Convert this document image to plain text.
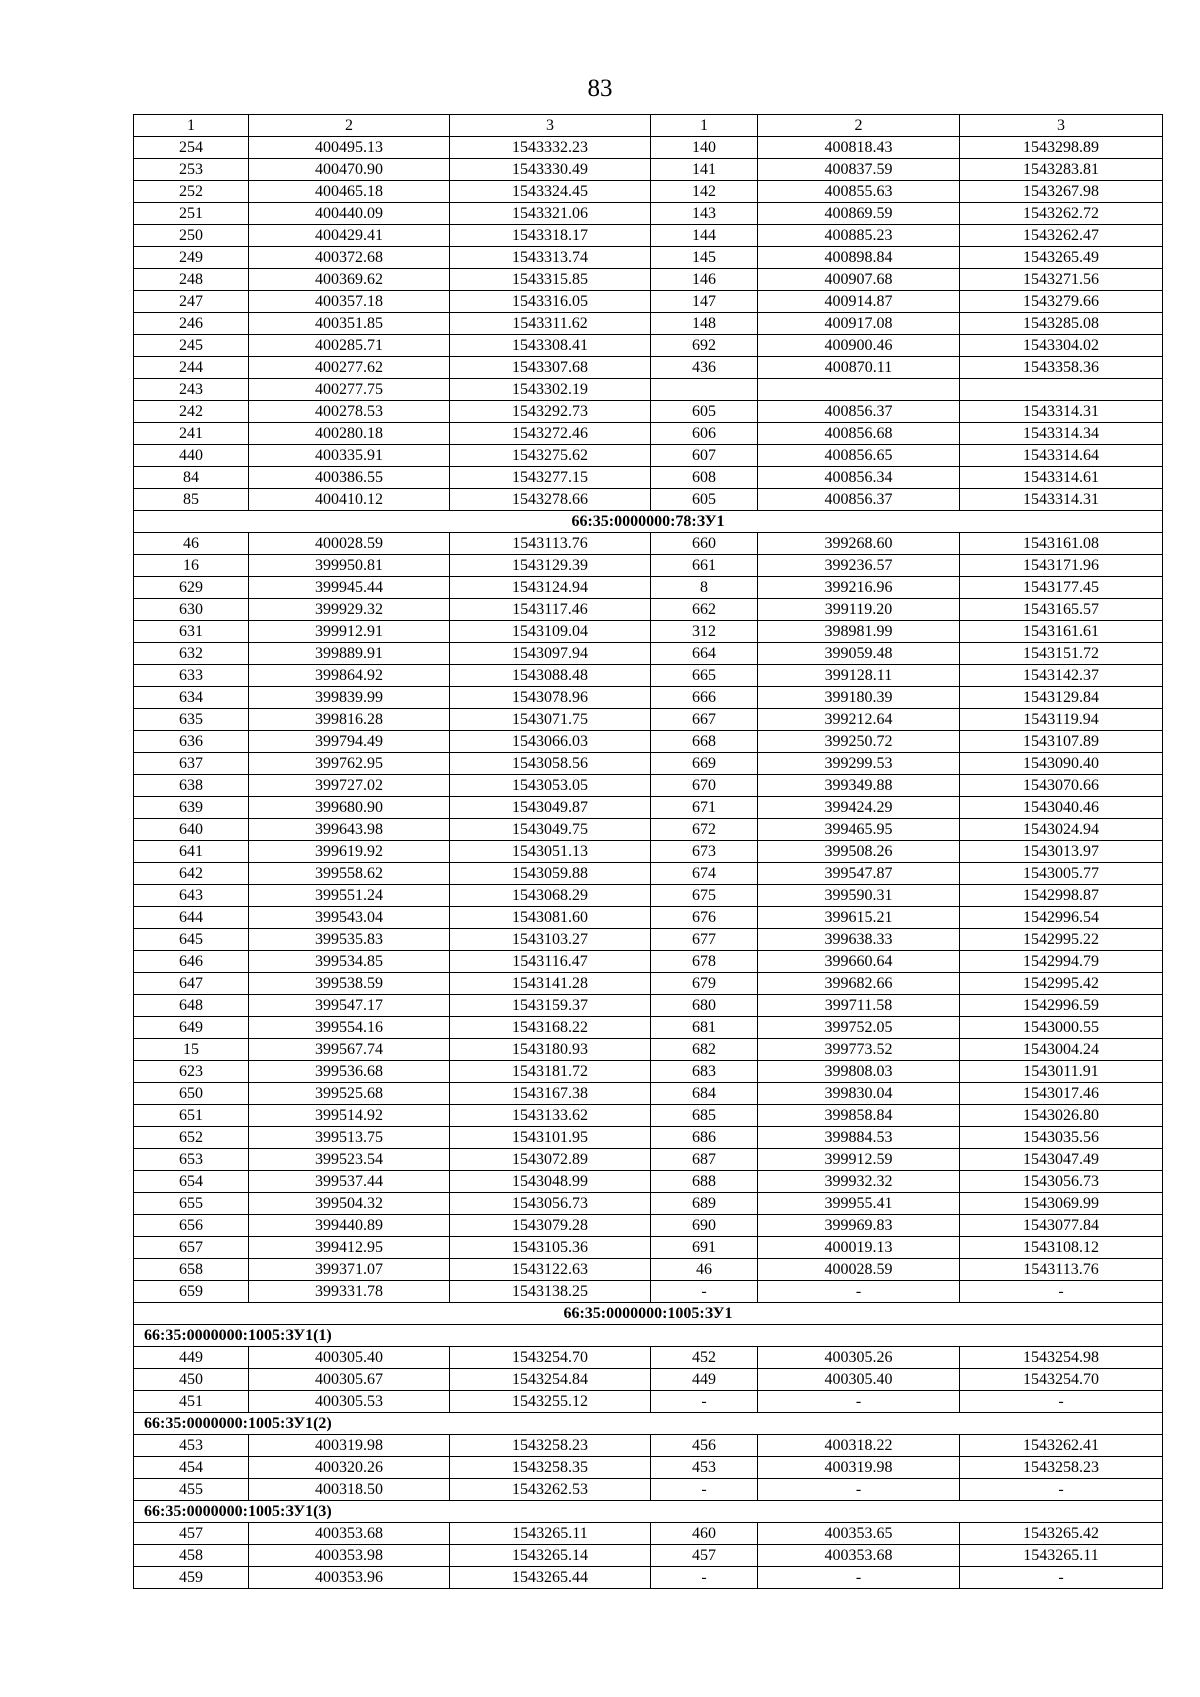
83
1	2	3	1	2	3
254	400495.13	1543332.23	140	400818.43	1543298.89
253	400470.90	1543330.49	141	400837.59	1543283.81
252	400465.18	1543324.45	142	400855.63	1543267.98
251	400440.09	1543321.06	143	400869.59	1543262.72
250	400429.41	1543318.17	144	400885.23	1543262.47
249	400372.68	1543313.74	145	400898.84	1543265.49
248	400369.62	1543315.85	146	400907.68	1543271.56
247	400357.18	1543316.05	147	400914.87	1543279.66
246	400351.85	1543311.62	148	400917.08	1543285.08
245	400285.71	1543308.41	692	400900.46	1543304.02
244	400277.62	1543307.68	436	400870.11	1543358.36
243	400277.75	1543302.19			
242	400278.53	1543292.73	605	400856.37	1543314.31
241	400280.18	1543272.46	606	400856.68	1543314.34
440	400335.91	1543275.62	607	400856.65	1543314.64
84	400386.55	1543277.15	608	400856.34	1543314.61
85	400410.12	1543278.66	605	400856.37	1543314.31
66:35:0000000:78:ЗУ1					
46	400028.59	1543113.76	660	399268.60	1543161.08
16	399950.81	1543129.39	661	399236.57	1543171.96
629	399945.44	1543124.94	8	399216.96	1543177.45
630	399929.32	1543117.46	662	399119.20	1543165.57
631	399912.91	1543109.04	312	398981.99	1543161.61
632	399889.91	1543097.94	664	399059.48	1543151.72
633	399864.92	1543088.48	665	399128.11	1543142.37
634	399839.99	1543078.96	666	399180.39	1543129.84
635	399816.28	1543071.75	667	399212.64	1543119.94
636	399794.49	1543066.03	668	399250.72	1543107.89
637	399762.95	1543058.56	669	399299.53	1543090.40
638	399727.02	1543053.05	670	399349.88	1543070.66
639	399680.90	1543049.87	671	399424.29	1543040.46
640	399643.98	1543049.75	672	399465.95	1543024.94
641	399619.92	1543051.13	673	399508.26	1543013.97
642	399558.62	1543059.88	674	399547.87	1543005.77
643	399551.24	1543068.29	675	399590.31	1542998.87
644	399543.04	1543081.60	676	399615.21	1542996.54
645	399535.83	1543103.27	677	399638.33	1542995.22
646	399534.85	1543116.47	678	399660.64	1542994.79
647	399538.59	1543141.28	679	399682.66	1542995.42
648	399547.17	1543159.37	680	399711.58	1542996.59
649	399554.16	1543168.22	681	399752.05	1543000.55
15	399567.74	1543180.93	682	399773.52	1543004.24
623	399536.68	1543181.72	683	399808.03	1543011.91
650	399525.68	1543167.38	684	399830.04	1543017.46
651	399514.92	1543133.62	685	399858.84	1543026.80
652	399513.75	1543101.95	686	399884.53	1543035.56
653	399523.54	1543072.89	687	399912.59	1543047.49
654	399537.44	1543048.99	688	399932.32	1543056.73
655	399504.32	1543056.73	689	399955.41	1543069.99
656	399440.89	1543079.28	690	399969.83	1543077.84
657	399412.95	1543105.36	691	400019.13	1543108.12
658	399371.07	1543122.63	46	400028.59	1543113.76
659	399331.78	1543138.25	-	-	-
66:35:0000000:1005:ЗУ1					
66:35:0000000:1005:ЗУ1(1)					
449	400305.40	1543254.70	452	400305.26	1543254.98
450	400305.67	1543254.84	449	400305.40	1543254.70
451	400305.53	1543255.12	-	-	-
66:35:0000000:1005:ЗУ1(2)					
453	400319.98	1543258.23	456	400318.22	1543262.41
454	400320.26	1543258.35	453	400319.98	1543258.23
455	400318.50	1543262.53	-	-	-
66:35:0000000:1005:ЗУ1(3)					
457	400353.68	1543265.11	460	400353.65	1543265.42
458	400353.98	1543265.14	457	400353.68	1543265.11
459	400353.96	1543265.44	-	-	-
